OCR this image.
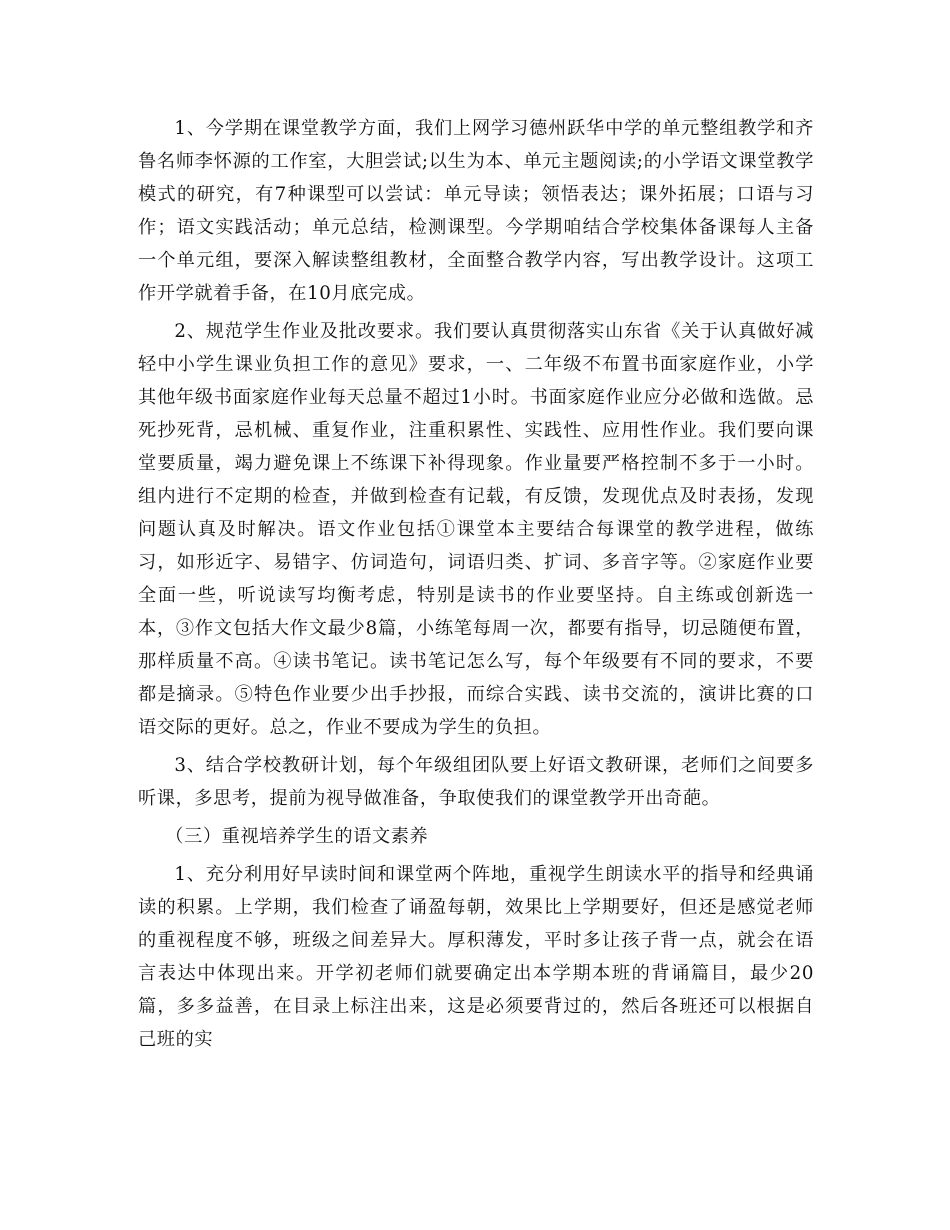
1、今学期在课堂教学方面，我们上网学习德州跃华中学的单元整组教学和齐鲁名师李怀源的工作室，大胆尝试;以生为本、单元主题阅读;的小学语文课堂教学模式的研究，有7种课型可以尝试：单元导读；领悟表达；课外拓展；口语与习作；语文实践活动；单元总结，检测课型。今学期咱结合学校集体备课每人主备一个单元组，要深入解读整组教材，全面整合教学内容，写出教学设计。这项工作开学就着手备，在10月底完成。

2、规范学生作业及批改要求。我们要认真贯彻落实山东省《关于认真做好减轻中小学生课业负担工作的意见》要求，一、二年级不布置书面家庭作业，小学其他年级书面家庭作业每天总量不超过1小时。书面家庭作业应分必做和选做。忌死抄死背，忌机械、重复作业，注重积累性、实践性、应用性作业。我们要向课堂要质量，竭力避免课上不练课下补得现象。作业量要严格控制不多于一小时。组内进行不定期的检查，并做到检查有记载，有反馈，发现优点及时表扬，发现问题认真及时解决。语文作业包括①课堂本主要结合每课堂的教学进程，做练习，如形近字、易错字、仿词造句，词语归类、扩词、多音字等。②家庭作业要全面一些，听说读写均衡考虑，特别是读书的作业要坚持。自主练或创新选一本，③作文包括大作文最少8篇，小练笔每周一次，都要有指导，切忌随便布置，那样质量不高。④读书笔记。读书笔记怎么写，每个年级要有不同的要求，不要都是摘录。⑤特色作业要少出手抄报，而综合实践、读书交流的，演讲比赛的口语交际的更好。总之，作业不要成为学生的负担。

3、结合学校教研计划，每个年级组团队要上好语文教研课，老师们之间要多听课，多思考，提前为视导做准备，争取使我们的课堂教学开出奇葩。

（三）重视培养学生的语文素养

1、充分利用好早读时间和课堂两个阵地，重视学生朗读水平的指导和经典诵读的积累。上学期，我们检查了诵盈每朝，效果比上学期要好，但还是感觉老师的重视程度不够，班级之间差异大。厚积薄发，平时多让孩子背一点，就会在语言表达中体现出来。开学初老师们就要确定出本学期本班的背诵篇目，最少20篇，多多益善，在目录上标注出来，这是必须要背过的，然后各班还可以根据自己班的实
